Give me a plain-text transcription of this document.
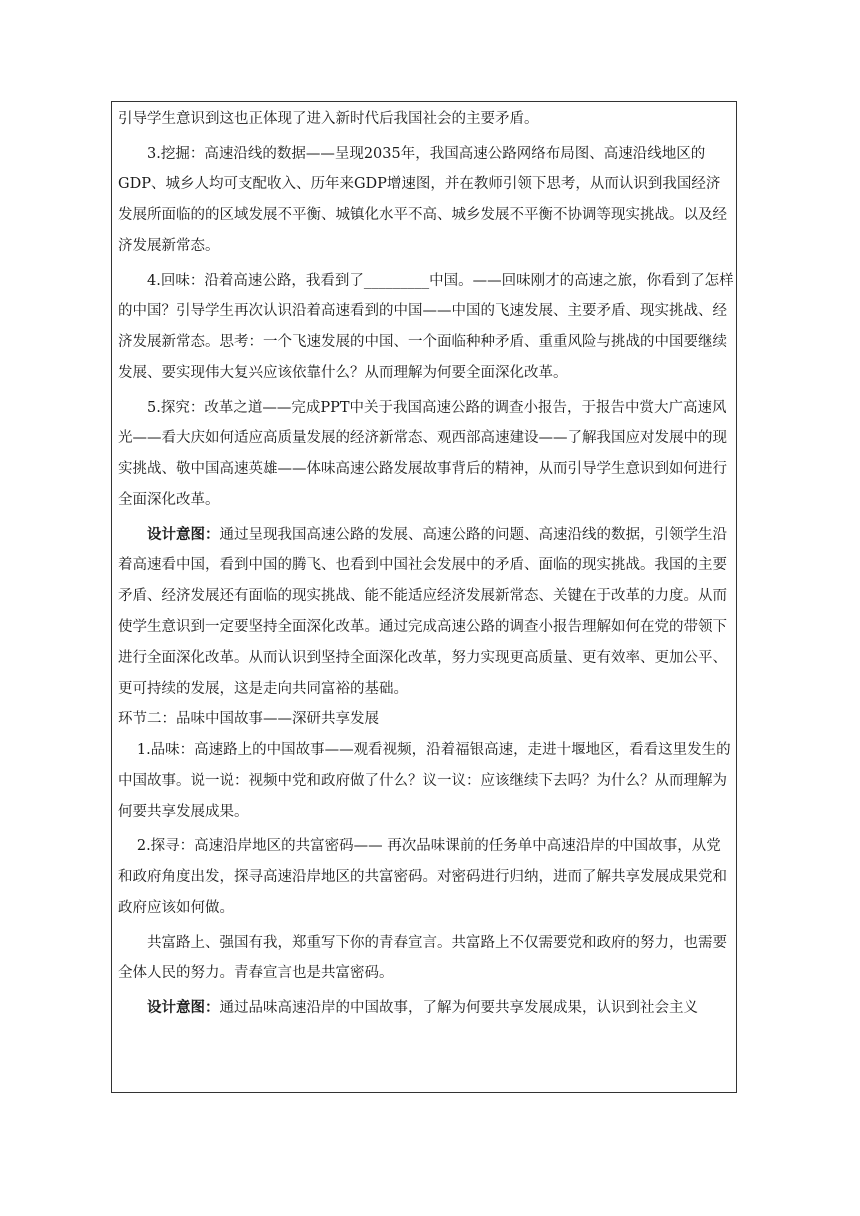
引导学生意识到这也正体现了进入新时代后我国社会的主要矛盾。

3.挖掘：高速沿线的数据——呈现2035年，我国高速公路网络布局图、高速沿线地区的GDP、城乡人均可支配收入、历年来GDP增速图，并在教师引领下思考，从而认识到我国经济发展所面临的的区域发展不平衡、城镇化水平不高、城乡发展不平衡不协调等现实挑战。以及经济发展新常态。

4.回味：沿着高速公路，我看到了_________中国。——回味刚才的高速之旅，你看到了怎样的中国？引导学生再次认识沿着高速看到的中国——中国的飞速发展、主要矛盾、现实挑战、经济发展新常态。思考：一个飞速发展的中国、一个面临种种矛盾、重重风险与挑战的中国要继续发展、要实现伟大复兴应该依靠什么？从而理解为何要全面深化改革。

5.探究：改革之道——完成PPT中关于我国高速公路的调查小报告，于报告中赏大广高速风光——看大庆如何适应高质量发展的经济新常态、观西部高速建设——了解我国应对发展中的现实挑战、敬中国高速英雄——体味高速公路发展故事背后的精神，从而引导学生意识到如何进行全面深化改革。

设计意图：通过呈现我国高速公路的发展、高速公路的问题、高速沿线的数据，引领学生沿着高速看中国，看到中国的腾飞、也看到中国社会发展中的矛盾、面临的现实挑战。我国的主要矛盾、经济发展还有面临的现实挑战、能不能适应经济发展新常态、关键在于改革的力度。从而使学生意识到一定要坚持全面深化改革。通过完成高速公路的调查小报告理解如何在党的带领下进行全面深化改革。从而认识到坚持全面深化改革，努力实现更高质量、更有效率、更加公平、更可持续的发展，这是走向共同富裕的基础。

环节二：品味中国故事——深研共享发展

1.品味：高速路上的中国故事——观看视频，沿着福银高速，走进十堰地区，看看这里发生的中国故事。说一说：视频中党和政府做了什么？议一议：应该继续下去吗？为什么？从而理解为何要共享发展成果。

2.探寻：高速沿岸地区的共富密码—— 再次品味课前的任务单中高速沿岸的中国故事，从党和政府角度出发，探寻高速沿岸地区的共富密码。对密码进行归纳，进而了解共享发展成果党和政府应该如何做。

共富路上、强国有我，郑重写下你的青春宣言。共富路上不仅需要党和政府的努力，也需要全体人民的努力。青春宣言也是共富密码。

设计意图：通过品味高速沿岸的中国故事，了解为何要共享发展成果，认识到社会主义
